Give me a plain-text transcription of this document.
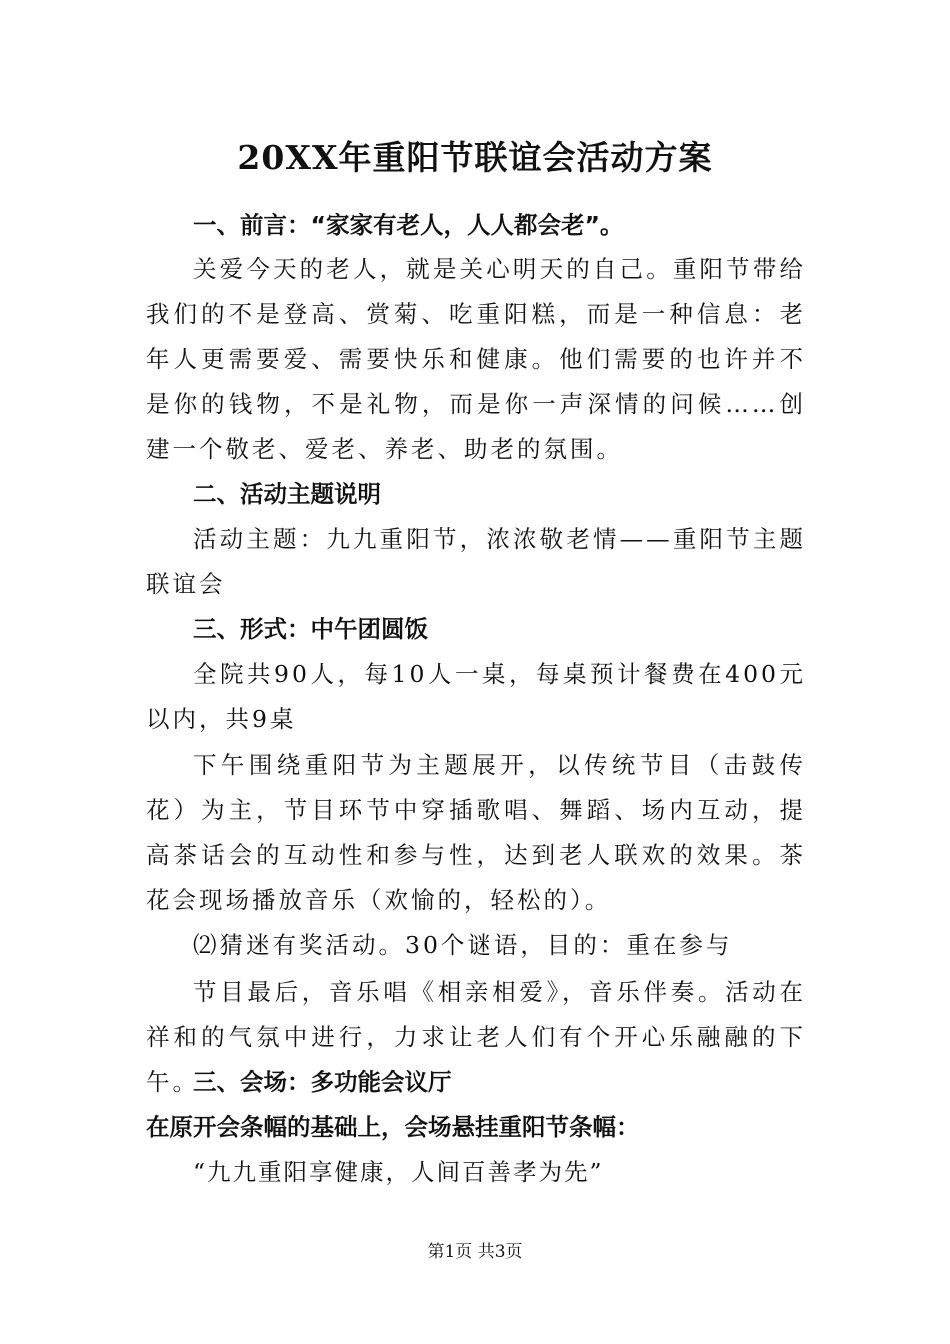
20XX年重阳节联谊会活动方案
一、前言：“家家有老人，人人都会老”。
关爱今天的老人，就是关心明天的自己。重阳节带给我们的不是登高、赏菊、吃重阳糕，而是一种信息：老年人更需要爱、需要快乐和健康。他们需要的也许并不是你的钱物，不是礼物，而是你一声深情的问候……创建一个敬老、爱老、养老、助老的氛围。
二、活动主题说明
活动主题：九九重阳节，浓浓敬老情——重阳节主题联谊会
三、形式：中午团圆饭
全院共90人，每10人一桌，每桌预计餐费在400元以内，共9桌
下午围绕重阳节为主题展开，以传统节目（击鼓传花）为主，节目环节中穿插歌唱、舞蹈、场内互动，提高茶话会的互动性和参与性，达到老人联欢的效果。茶花会现场播放音乐（欢愉的，轻松的）。
⑵猜迷有奖活动。30个谜语，目的：重在参与
节目最后，音乐唱《相亲相爱》，音乐伴奏。活动在祥和的气氛中进行，力求让老人们有个开心乐融融的下午。
三、会场：多功能会议厅
在原开会条幅的基础上，会场悬挂重阳节条幅：
“九九重阳享健康，人间百善孝为先”
第1页 共3页
